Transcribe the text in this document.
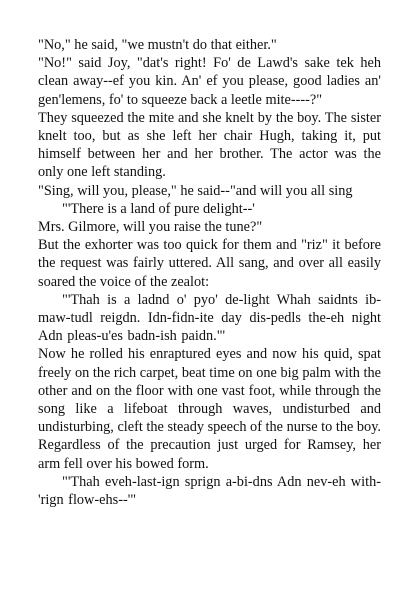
"No," he said, "we mustn't do that either."

"No!" said Joy, "dat's right! Fo' de Lawd's sake tek heh clean away--ef you kin. An' ef you please, good ladies an' gen'lemens, fo' to squeeze back a leetle mite----?"

They squeezed the mite and she knelt by the boy. The sister knelt too, but as she left her chair Hugh, taking it, put himself between her and her brother. The actor was the only one left standing.

"Sing, will you, please," he said--"and will you all sing

"'There is a land of pure delight--'

Mrs. Gilmore, will you raise the tune?"

But the exhorter was too quick for them and "riz" it before the request was fairly uttered. All sang, and over all easily soared the voice of the zealot:

"'Thah is a ladnd o' pyo' de-light Whah saidnts ib-maw-tudl reigdn. Idn-fidn-ite day dis-pedls the-eh night Adn pleas-u'es badn-ish paidn."'

Now he rolled his enraptured eyes and now his quid, spat freely on the rich carpet, beat time on one big palm with the other and on the floor with one vast foot, while through the song like a lifeboat through waves, undisturbed and undisturbing, cleft the steady speech of the nurse to the boy. Regardless of the precaution just urged for Ramsey, her arm fell over his bowed form.

"'Thah eveh-last-ign sprign a-bi-dns Adn nev-eh with-'rign flow-ehs--'"
